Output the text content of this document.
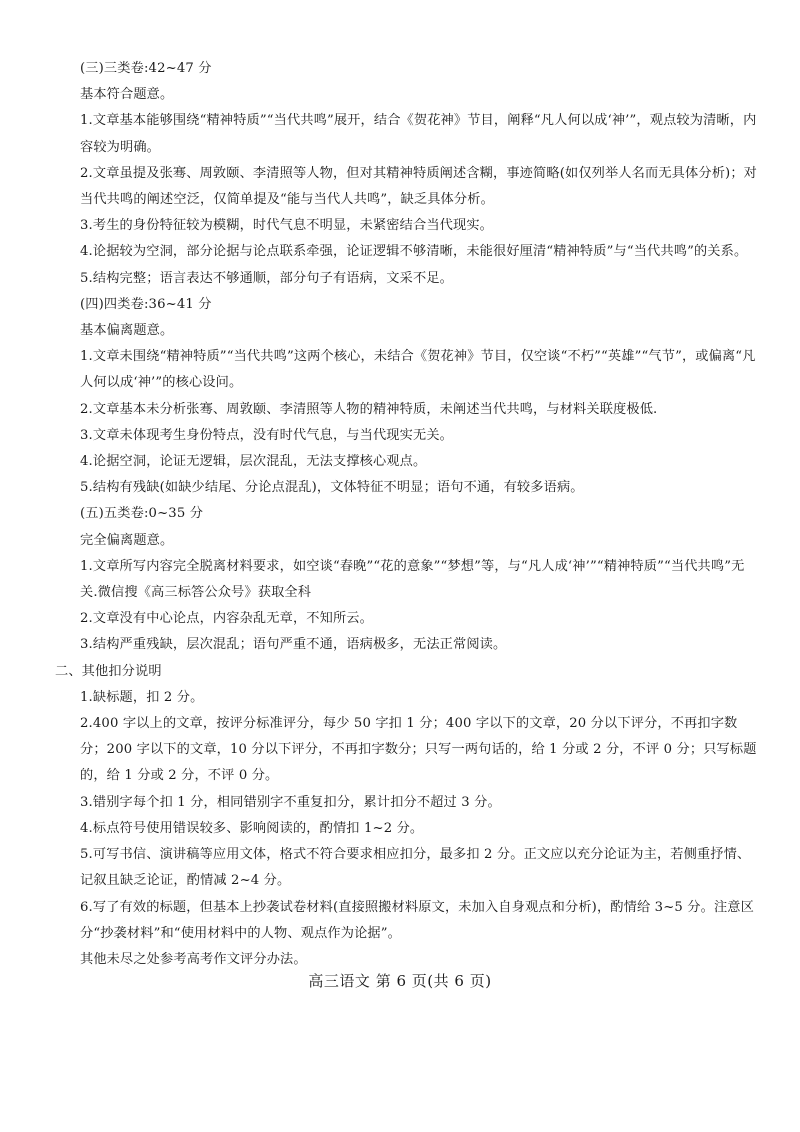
(三)三类卷:42~47 分
基本符合题意。
1.文章基本能够围绕“精神特质”“当代共鸣”展开，结合《贺花神》节目，阐释“凡人何以成‘神’”，观点较为清晰，内容较为明确。
2.文章虽提及张骞、周敦颐、李清照等人物，但对其精神特质阐述含糊，事迹简略(如仅列举人名而无具体分析)；对当代共鸣的阐述空泛，仅简单提及“能与当代人共鸣”，缺乏具体分析。
3.考生的身份特征较为模糊，时代气息不明显，未紧密结合当代现实。
4.论据较为空洞，部分论据与论点联系牵强，论证逻辑不够清晰，未能很好厘清“精神特质”与“当代共鸣”的关系。
5.结构完整；语言表达不够通顺，部分句子有语病，文采不足。
(四)四类卷:36~41 分
基本偏离题意。
1.文章未围绕“精神特质”“当代共鸣”这两个核心，未结合《贺花神》节目，仅空谈“不朽”“英雄”“气节”，或偏离“凡人何以成‘神’”的核心设问。
2.文章基本未分析张骞、周敦颐、李清照等人物的精神特质，未阐述当代共鸣，与材料关联度极低.
3.文章未体现考生身份特点，没有时代气息，与当代现实无关。
4.论据空洞，论证无逻辑，层次混乱，无法支撑核心观点。
5.结构有残缺(如缺少结尾、分论点混乱)，文体特征不明显；语句不通，有较多语病。
(五)五类卷:0~35 分
完全偏离题意。
1.文章所写内容完全脱离材料要求，如空谈“春晚”“花的意象”“梦想”等，与“凡人成‘神’”“精神特质”“当代共鸣”无关.微信搜《高三标答公众号》获取全科
2.文章没有中心论点，内容杂乱无章，不知所云。
3.结构严重残缺，层次混乱；语句严重不通，语病极多，无法正常阅读。
二、其他扣分说明
1.缺标题，扣 2 分。
2.400 字以上的文章，按评分标准评分，每少 50 字扣 1 分；400 字以下的文章，20 分以下评分，不再扣字数分；200 字以下的文章，10 分以下评分，不再扣字数分；只写一两句话的，给 1 分或 2 分，不评 0 分；只写标题的，给 1 分或 2 分，不评 0 分。
3.错别字每个扣 1 分，相同错别字不重复扣分，累计扣分不超过 3 分。
4.标点符号使用错误较多、影响阅读的，酌情扣 1~2 分。
5.可写书信、演讲稿等应用文体，格式不符合要求相应扣分，最多扣 2 分。正文应以充分论证为主，若侧重抒情、记叙且缺乏论证，酌情减 2~4 分。
6.写了有效的标题，但基本上抄袭试卷材料(直接照搬材料原文，未加入自身观点和分析)，酌情给 3~5 分。注意区分“抄袭材料”和“使用材料中的人物、观点作为论据”。
其他未尽之处参考高考作文评分办法。
高三语文 第 6 页(共 6 页)
